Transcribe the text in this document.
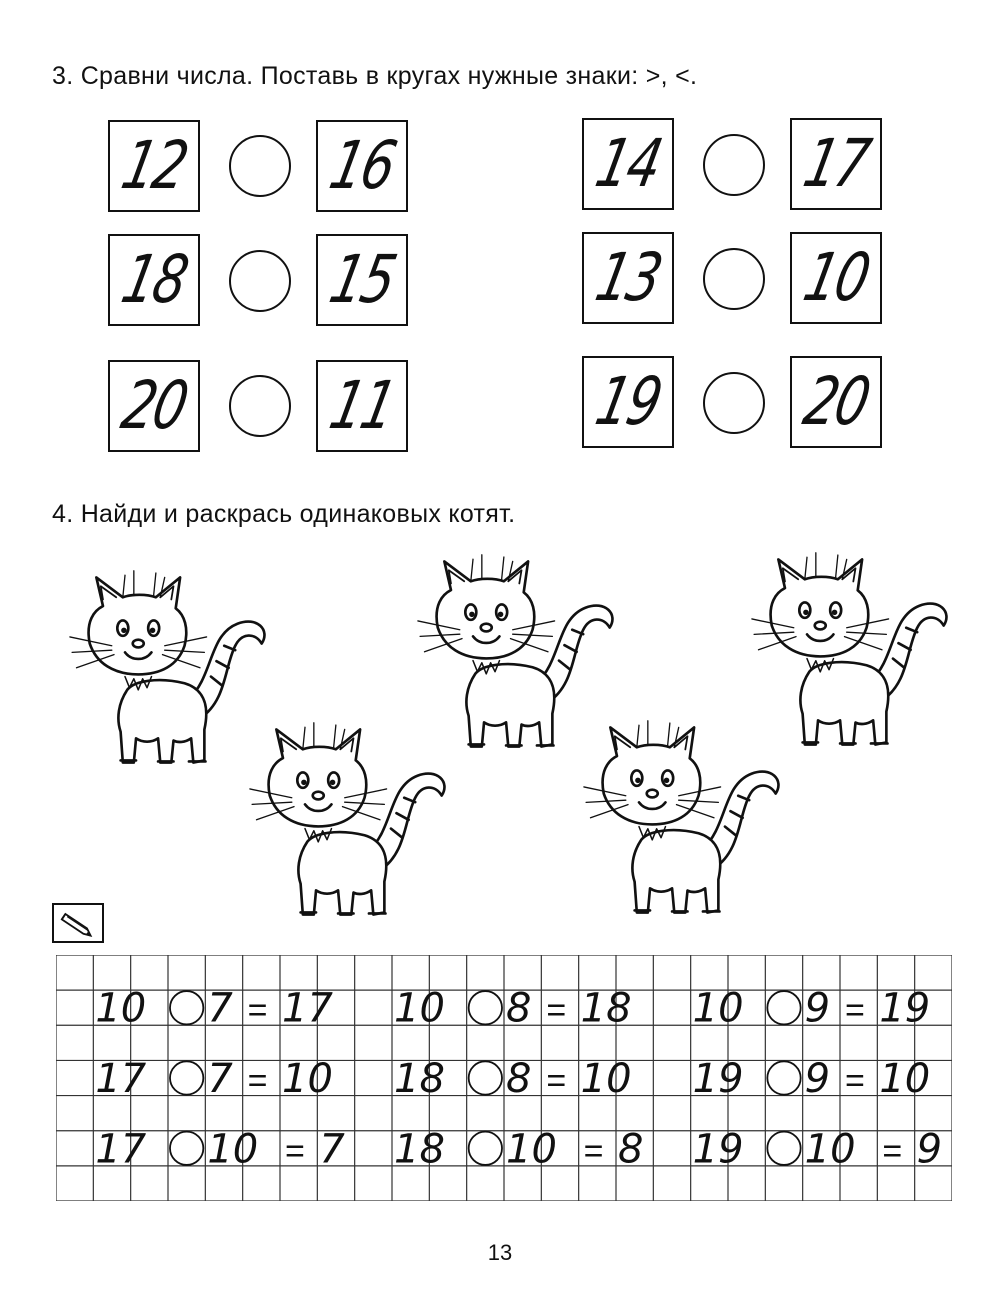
3. Сравни числа. Поставь в кругах нужные знаки: >, <.
12 16
18 15
20 11
14 17
13 10
19 20
4. Найди и раскрась одинаковых котят.
10 7 = 17 10 8 = 18 10 9 = 19
17 7 = 10 18 8 = 10 19 9 = 10
17 10 = 7 18 10 = 8 19 10 = 9
13
